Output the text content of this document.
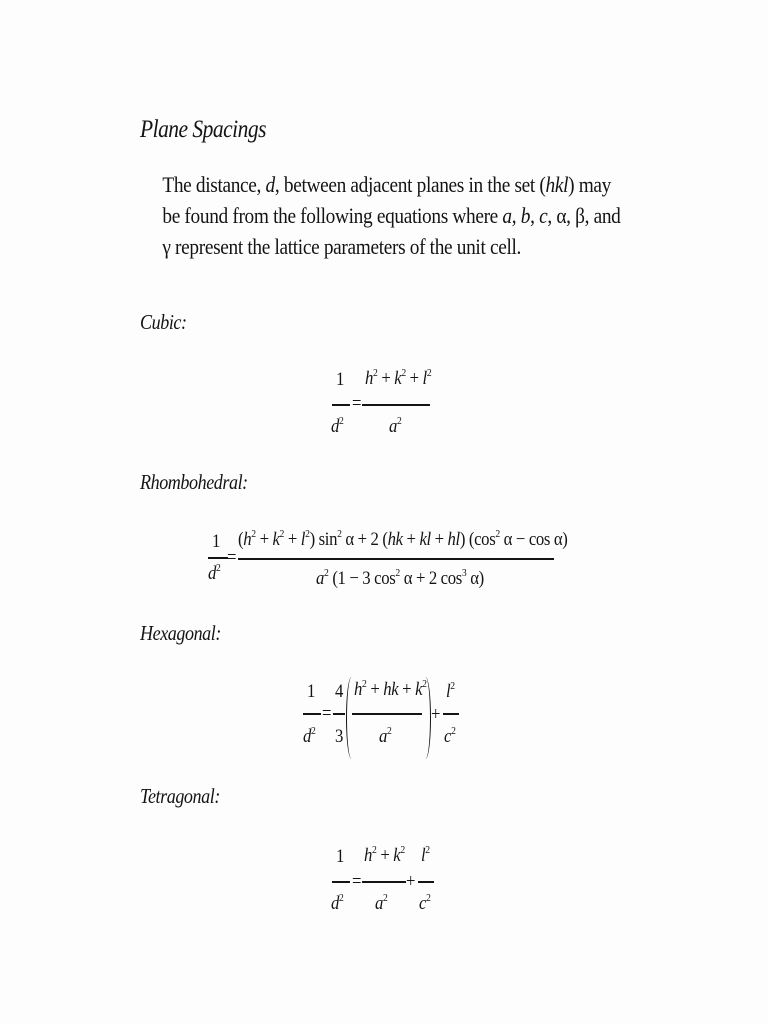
Plane Spacings

The distance, d, between adjacent planes in the set (hkl) may be found from the following equations where a, b, c, α, β, and γ represent the lattice parameters of the unit cell.

Cubic:
1
$d^2$
=
$h^2 + k^2 + l^2$
$a^2$
Rhombohedral:
1
$d^2$ =
$(h^2 + k^2 + l^2)$ $\sin^2 \alpha + 2$ (hk + kl + hl) ($\cos^2$ α − cos α)
$a^2$ (1 − 3 $\cos^2 \alpha + 2$ $\cos^3 \alpha$)
Hexagonal:
1
$d^2$
=
4
3
$h^2$ + hk + $k^2$
$a^2$
+
$l^2$
$c^2$
Tetragonal:
1
$d^2$
=
$h^2 + k^2$
$a^2$
+
$l^2$
$c^2$
